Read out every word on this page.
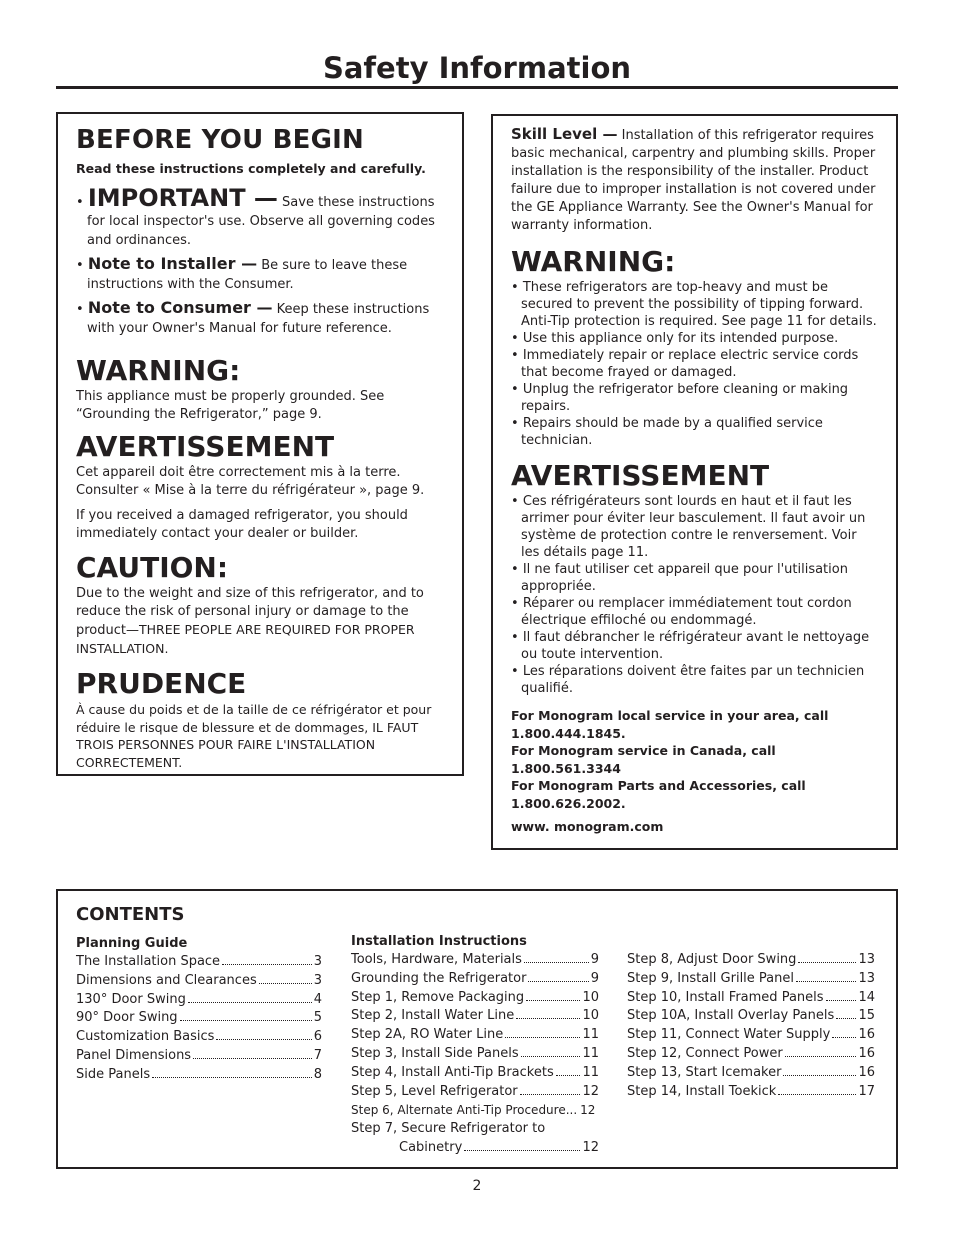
Safety Information
BEFORE YOU BEGIN

Read these instructions completely and carefully.

• IMPORTANT — Save these instructions for local inspector's use. Observe all governing codes and ordinances.

• Note to Installer — Be sure to leave these instructions with the Consumer.

• Note to Consumer — Keep these instructions with your Owner's Manual for future reference.

WARNING:

This appliance must be properly grounded. See “Grounding the Refrigerator,” page 9.

AVERTISSEMENT

Cet appareil doit être correctement mis à la terre. Consulter « Mise à la terre du réfrigérateur », page 9.

If you received a damaged refrigerator, you should immediately contact your dealer or builder.

CAUTION:

Due to the weight and size of this refrigerator, and to reduce the risk of personal injury or damage to the product—THREE PEOPLE ARE REQUIRED FOR PROPER INSTALLATION.

PRUDENCE

À cause du poids et de la taille de ce réfrigérator et pour réduire le risque de blessure et de dommages, IL FAUT TROIS PERSONNES POUR FAIRE L'INSTALLATION CORRECTEMENT.

Skill Level — Installation of this refrigerator requires basic mechanical, carpentry and plumbing skills. Proper installation is the responsibility of the installer. Product failure due to improper installation is not covered under the GE Appliance Warranty. See the Owner's Manual for warranty information.

WARNING:

• These refrigerators are top-heavy and must be secured to prevent the possibility of tipping forward. Anti-Tip protection is required. See page 11 for details.

• Use this appliance only for its intended purpose.

• Immediately repair or replace electric service cords that become frayed or damaged.

• Unplug the refrigerator before cleaning or making repairs.

• Repairs should be made by a qualified service technician.

AVERTISSEMENT

• Ces réfrigérateurs sont lourds en haut et il faut les arrimer pour éviter leur basculement. Il faut avoir un système de protection contre le renversement. Voir les détails page 11.

• Il ne faut utiliser cet appareil que pour l'utilisation appropriée.

• Réparer ou remplacer immédiatement tout cordon électrique effiloché ou endommagé.

• Il faut débrancher le réfrigérateur avant le nettoyage ou toute intervention.

• Les réparations doivent être faites par un technicien qualifié.

For Monogram local service in your area, call 1.800.444.1845.

For Monogram service in Canada, call 1.800.561.3344

For Monogram Parts and Accessories, call 1.800.626.2002.

www. monogram.com

CONTENTS

Planning Guide

The Installation Space	3
Dimensions and Clearances	3
130° Door Swing	4
90° Door Swing	5
Customization Basics	6
Panel Dimensions	7
Side Panels	8

Installation Instructions

Tools, Hardware, Materials	9
Grounding the Refrigerator	9
Step 1, Remove Packaging	10
Step 2, Install Water Line	10
Step 2A, RO Water Line	11
Step 3, Install Side Panels	11
Step 4, Install Anti-Tip Brackets 11
Step 5, Level Refrigerator	12
Step 6, Alternate Anti-Tip Procedure... 12
Step 7, Secure Refrigerator to
Cabinetry	12
Step 8, Adjust Door Swing	13
Step 9, Install Grille Panel	13
Step 10, Install Framed Panels	14
Step 10A, Install Overlay Panels 15
Step 11, Connect Water Supply 16
Step 12, Connect Power	16
Step 13, Start Icemaker	16
Step 14, Install Toekick	17
2
